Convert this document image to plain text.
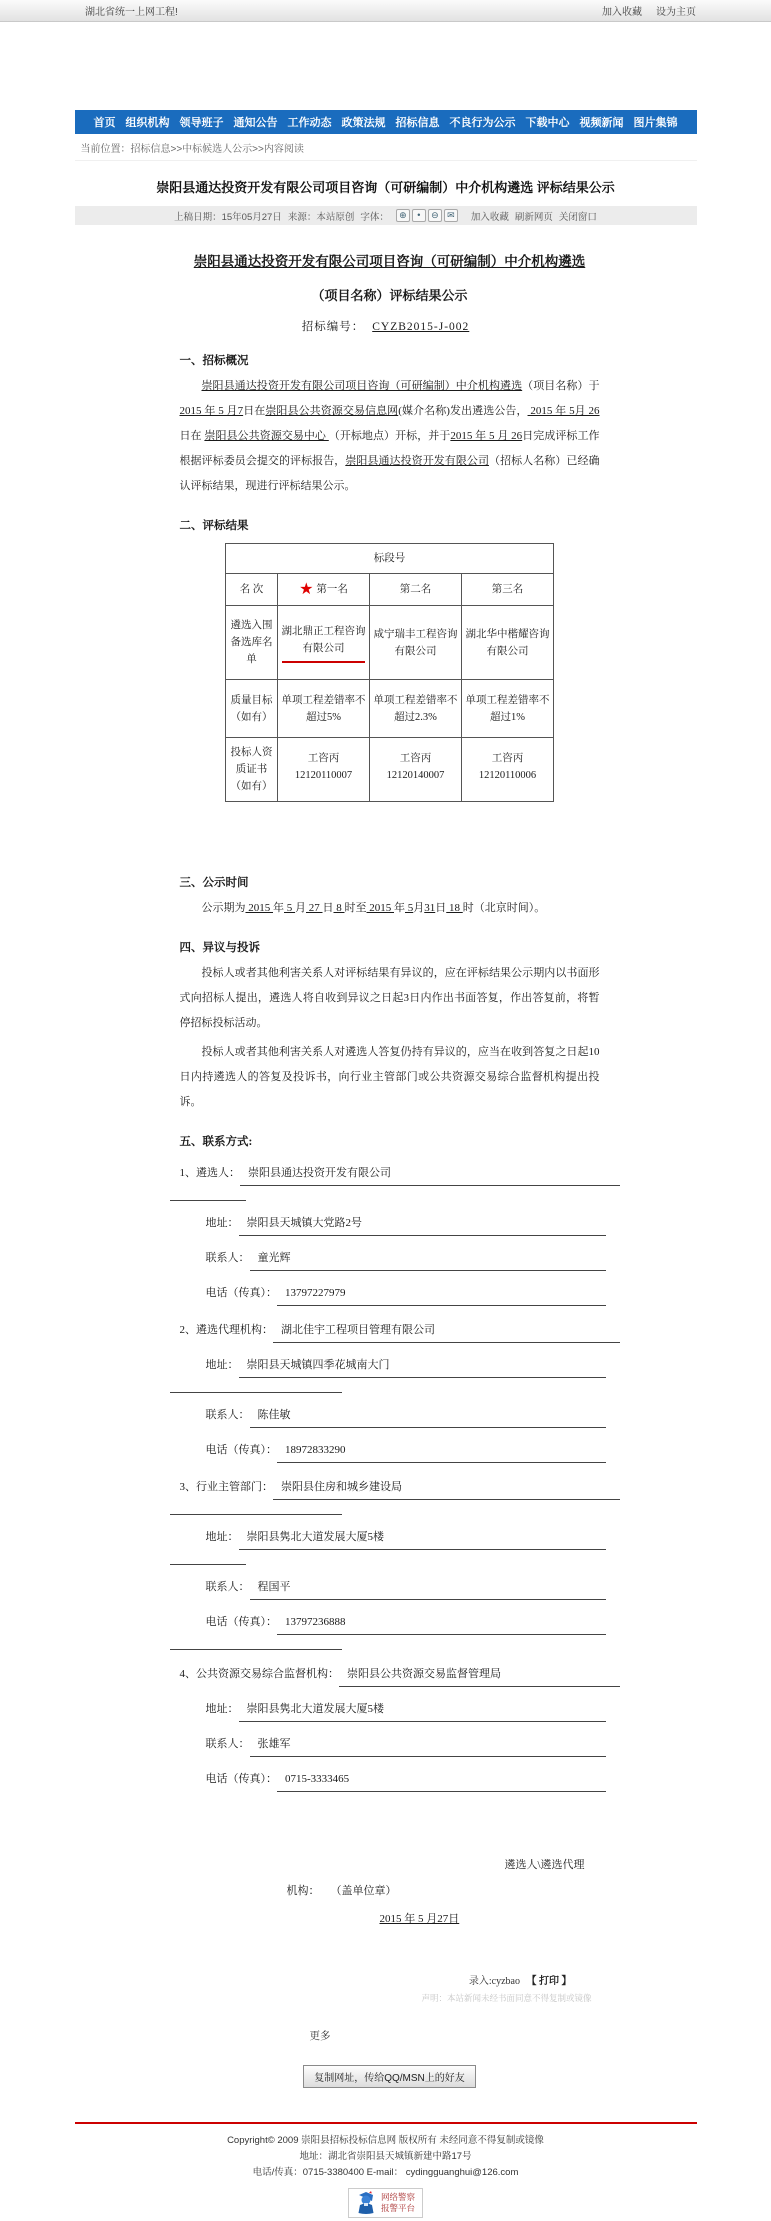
湖北省统一上网工程!	加入收藏 设为主页
首页 组织机构 领导班子 通知公告 工作动态 政策法规 招标信息 不良行为公示 下载中心 视频新闻 图片集锦
当前位置：招标信息>>中标候选人公示>>内容阅读
崇阳县通达投资开发有限公司项目咨询（可研编制）中介机构遴选 评标结果公示
上稿日期：15年05月27日 来源：本站原创 字体：	⊕ • ⊖ ✉	加入收藏 刷新网页 关闭窗口
崇阳县通达投资开发有限公司项目咨询（可研编制）中介机构遴选
（项目名称）评标结果公示
招标编号： CYZB2015-J-002
一、招标概况
崇阳县通达投资开发有限公司项目咨询（可研编制）中介机构遴选（项目名称）于 2015 年 5 月7日在崇阳县公共资源交易信息网(媒介名称)发出遴选公告， 2015 年 5月 26日在 崇阳县公共资源交易中心 （开标地点）开标，并于2015 年 5 月 26日完成评标工作根据评标委员会提交的评标报告，崇阳县通达投资开发有限公司（招标人名称）已经确认评标结果，现进行评标结果公示。
二、评标结果
标段号			
名 次	★ 第一名	第二名	第三名
遴选入围备选库名单	湖北鼎正工程咨询有限公司	咸宁瑞丰工程咨询有限公司	湖北华中楷耀咨询有限公司

质量目标（如有）	单项工程差错率不超过5%	单项工程差错率不超过2.3%	单项工程差错率不超过1%

投标人资质证书（如有）	工咨丙12120110007	工咨丙12120140007	工咨丙12120110006
三、公示时间
公示期为 2015 年 5 月 27 日 8 时至 2015 年 5月31日 18 时（北京时间）。
四、异议与投诉
投标人或者其他利害关系人对评标结果有异议的，应在评标结果公示期内以书面形式向招标人提出，遴选人将自收到异议之日起3日内作出书面答复，作出答复前，将暂停招标投标活动。
投标人或者其他利害关系人对遴选人答复仍持有异议的，应当在收到答复之日起10日内持遴选人的答复及投诉书，向行业主管部门或公共资源交易综合监督机构提出投诉。
五、联系方式:
1、遴选人： 崇阳县通达投资开发有限公司
地址： 崇阳县天城镇大党路2号
联系人： 童光辉
电话（传真）： 13797227979
2、遴选代理机构： 湖北佳宇工程项目管理有限公司
地址： 崇阳县天城镇四季花城南大门
联系人： 陈佳敏
电话（传真）： 18972833290
3、行业主管部门： 崇阳县住房和城乡建设局
地址： 崇阳县隽北大道发展大厦5楼
联系人： 程国平
电话（传真）： 13797236888
4、公共资源交易综合监督机构： 崇阳县公共资源交易监督管理局
地址： 崇阳县隽北大道发展大厦5楼
联系人： 张雄军
电话（传真）： 0715-3333465
遴选人\遴选代理
机构：　　（盖单位章）
2015 年 5 月27日
录入:cyzbao 【 打印 】
声明：本站新闻未经书面同意不得复制或镜像
更多
复制网址，传给QQ/MSN上的好友
Copyright© 2009 崇阳县招标投标信息网 版权所有 未经同意不得复制或镜像
地址：湖北省崇阳县天城镇新建中路17号
电话/传真：0715-3380400 E-mail： cydingguanghui@126.com
网络警察
报警平台
